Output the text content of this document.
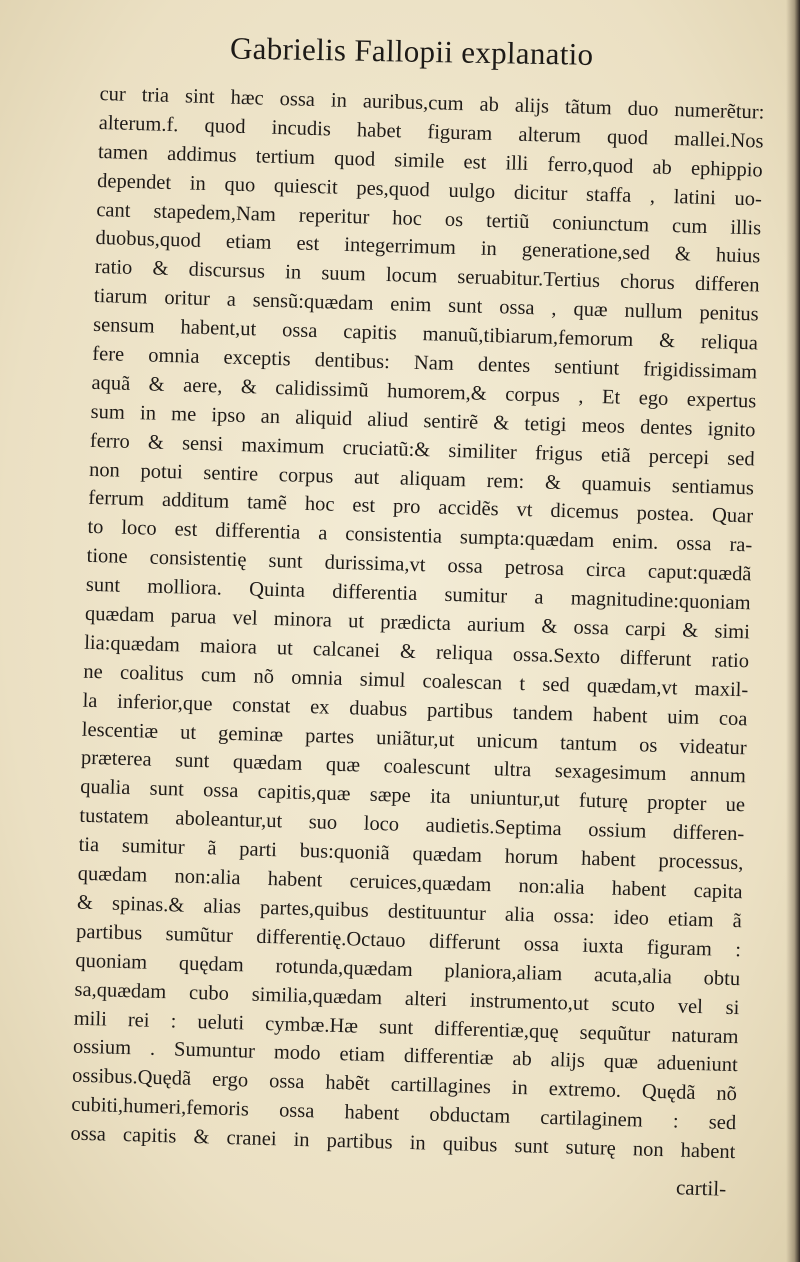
Gabrielis Fallopii explanatio
cur tria sint hæc ossa in auribus,cum ab alijs tãtum duo numerẽtur:
alterum.f. quod incudis habet figuram alterum quod mallei.Nos
tamen addimus tertium quod simile est illi ferro,quod ab ephippio
dependet in quo quiescit pes,quod uulgo dicitur staffa , latini uo-
cant stapedem,Nam reperitur hoc os tertiũ coniunctum cum illis
duobus,quod etiam est integerrimum in generatione,sed & huius
ratio & discursus in suum locum seruabitur.Tertius chorus differen
tiarum oritur a sensũ:quædam enim sunt ossa , quæ nullum penitus
sensum habent,ut ossa capitis manuũ,tibiarum,femorum & reliqua
fere omnia exceptis dentibus: Nam dentes sentiunt frigidissimam
aquã & aere, & calidissimũ humorem,& corpus , Et ego expertus
sum in me ipso an aliquid aliud sentirẽ & tetigi meos dentes ignito
ferro & sensi maximum cruciatũ:& similiter frigus etiã percepi sed
non potui sentire corpus aut aliquam rem: & quamuis sentiamus
ferrum additum tamẽ hoc est pro accidẽs vt dicemus postea. Quar
to loco est differentia a consistentia sumpta:quædam enim. ossa ra-
tione consistentię sunt durissima,vt ossa petrosa circa caput:quædã
sunt molliora. Quinta differentia sumitur a magnitudine:quoniam
quædam parua vel minora ut prædicta aurium & ossa carpi & simi
lia:quædam maiora ut calcanei & reliqua ossa.Sexto differunt ratio
ne coalitus cum nõ omnia simul coalescan t sed quædam,vt maxil-
la inferior,que constat ex duabus partibus tandem habent uim coa
lescentiæ ut geminæ partes uniãtur,ut unicum tantum os videatur
præterea sunt quædam quæ coalescunt ultra sexagesimum annum
qualia sunt ossa capitis,quæ sæpe ita uniuntur,ut futurę propter ue
tustatem aboleantur,ut suo loco audietis.Septima ossium differen-
tia sumitur ã parti bus:quoniã quædam horum habent processus,
quædam non:alia habent ceruices,quædam non:alia habent capita
& spinas.& alias partes,quibus destituuntur alia ossa: ideo etiam ã
partibus sumũtur differentię.Octauo differunt ossa iuxta figuram :
quoniam quędam rotunda,quædam planiora,aliam acuta,alia obtu
sa,quædam cubo similia,quædam alteri instrumento,ut scuto vel si
mili rei : ueluti cymbæ.Hæ sunt differentiæ,quę sequũtur naturam
ossium . Sumuntur modo etiam differentiæ ab alijs quæ adueniunt
ossibus.Quędã ergo ossa habẽt cartillagines in extremo. Quędã nõ
cubiti,humeri,femoris ossa habent obductam cartilaginem : sed
ossa capitis & cranei in partibus in quibus sunt suturę non habent
cartil-
